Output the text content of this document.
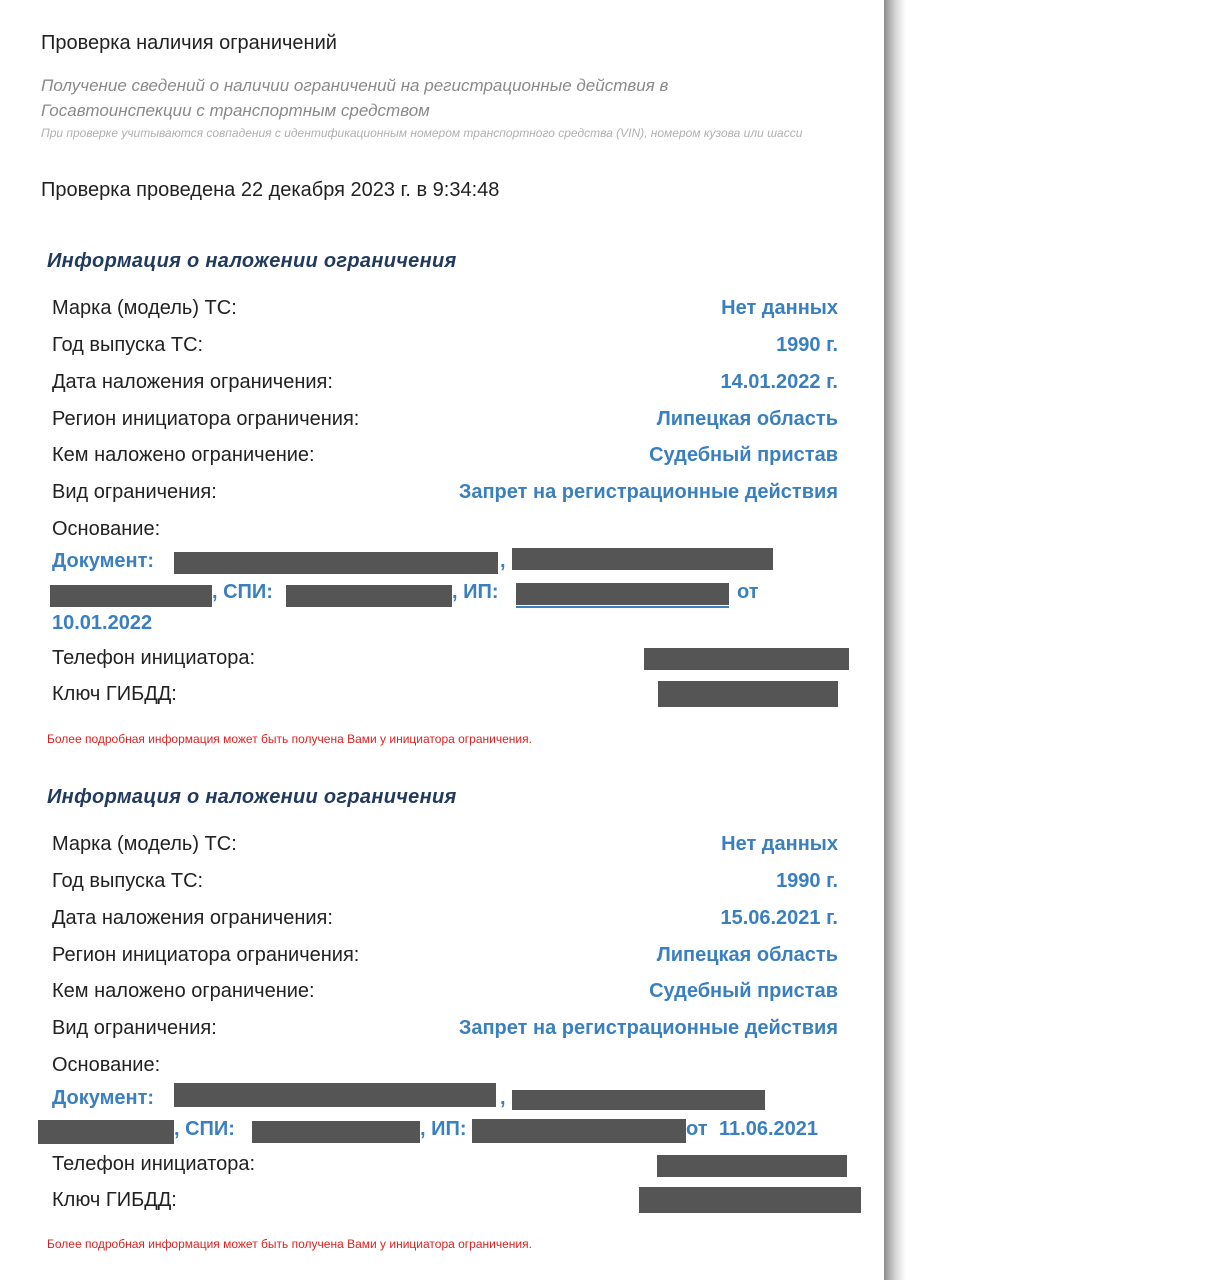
Проверка наличия ограничений
Получение сведений о наличии ограничений на регистрационные действия в Госавтоинспекции с транспортным средством
При проверке учитываются совпадения с идентификационным номером транспортного средства (VIN), номером кузова или шасси
Проверка проведена 22 декабря 2023 г. в 9:34:48
Информация о наложении ограничения
Марка (модель) ТС:	Нет данных
Год выпуска ТС:	1990 г.
Дата наложения ограничения:	14.01.2022 г.
Регион инициатора ограничения:	Липецкая область
Кем наложено ограничение:	Судебный пристав
Вид ограничения:	Запрет на регистрационные действия
Основание:
Документ:	,
, СПИ:	, ИП:	от
10.01.2022
Телефон инициатора:
Ключ ГИБДД:
Более подробная информация может быть получена Вами у инициатора ограничения.
Информация о наложении ограничения
Марка (модель) ТС:	Нет данных
Год выпуска ТС:	1990 г.
Дата наложения ограничения:	15.06.2021 г.
Регион инициатора ограничения:	Липецкая область
Кем наложено ограничение:	Судебный пристав
Вид ограничения:	Запрет на регистрационные действия
Основание:
Документ:	,
, СПИ:	, ИП:	от 11.06.2021
Телефон инициатора:
Ключ ГИБДД:
Более подробная информация может быть получена Вами у инициатора ограничения.
